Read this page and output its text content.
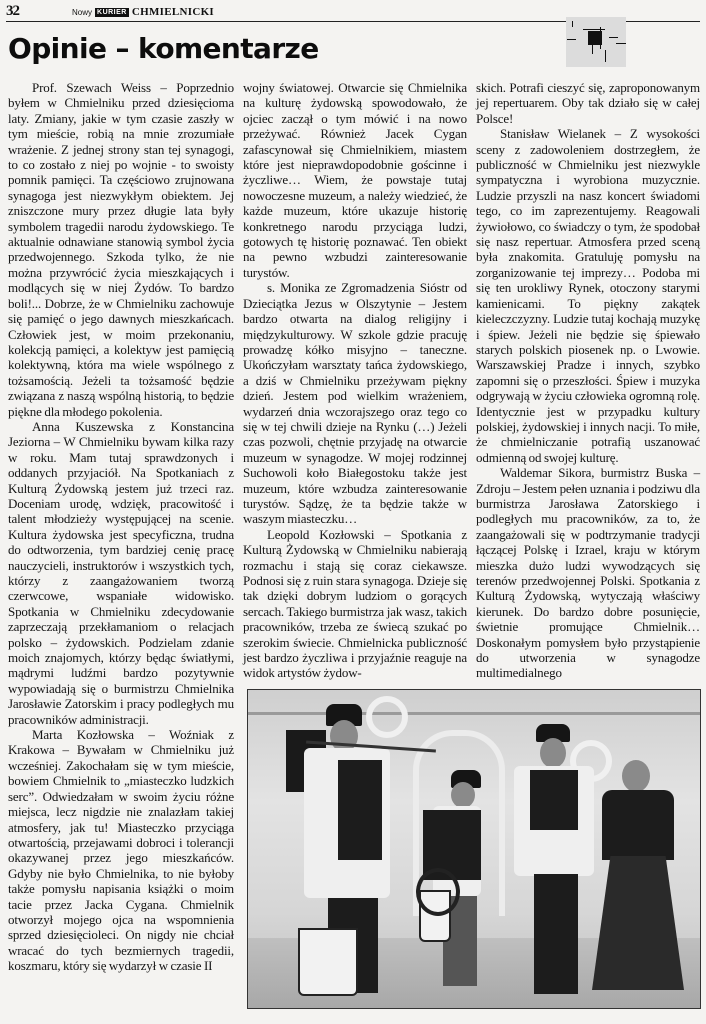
32	Nowy KURIER CHMIELNICKI
Opinie – komentarze

Prof. Szewach Weiss – Poprzednio byłem w Chmielniku przed dziesięcioma laty. Zmiany, jakie w tym czasie zaszły w tym mieście, robią na mnie zrozumiałe wrażenie. Z jednej strony stan tej synagogi, to co zostało z niej po wojnie - to swoisty pomnik pamięci. Ta częściowo zrujnowana synagoga jest niezwykłym obiektem. Jej zniszczone mury przez długie lata były symbolem tragedii narodu żydowskiego. Te aktualnie odnawiane stanowią symbol życia przedwojennego. Szkoda tylko, że nie można przywrócić życia mieszkających i modlących się w niej Żydów. To bardzo boli!... Dobrze, że w Chmielniku zachowuje się pamięć o jego dawnych mieszkańcach. Człowiek jest, w moim przekonaniu, kolekcją pamięci, a kolektyw jest pamięcią kolektywną, która ma wiele wspólnego z tożsamością. Jeżeli ta tożsamość będzie związana z naszą wspólną historią, to będzie piękne dla młodego pokolenia.

Anna Kuszewska z Konstancina Jeziorna – W Chmielniku bywam kilka razy w roku. Mam tutaj sprawdzonych i oddanych przyjaciół. Na Spotkaniach z Kulturą Żydowską jestem już trzeci raz. Doceniam urodę, wdzięk, pracowitość i talent młodzieży występującej na scenie. Kultura żydowska jest specyficzna, trudna do odtworzenia, tym bardziej cenię pracę nauczycieli, instruktorów i wszystkich tych, którzy z zaangażowaniem tworzą czerwcowe, wspaniałe widowisko. Spotkania w Chmielniku zdecydowanie zaprzeczają przekłamaniom o relacjach polsko – żydowskich. Podzielam zdanie moich znajomych, którzy będąc światłymi, mądrymi ludźmi bardzo pozytywnie wypowiadają się o burmistrzu Chmielnika Jarosławie Zatorskim i pracy podległych mu pracowników administracji.

Marta Kozłowska – Woźniak z Krakowa – Bywałam w Chmielniku już wcześniej. Zakochałam się w tym mieście, bowiem Chmielnik to „miasteczko ludzkich serc”. Odwiedzałam w swoim życiu różne miejsca, lecz nigdzie nie znalazłam takiej atmosfery, jak tu! Miasteczko przyciąga otwartością, przejawami dobroci i tolerancji okazywanej przez jego mieszkańców. Gdyby nie było Chmielnika, to nie byłoby także pomysłu napisania książki o moim tacie przez Jacka Cygana. Chmielnik otworzył mojego ojca na wspomnienia sprzed dziesięcioleci. On nigdy nie chciał wracać do tych bezmiernych tragedii, koszmaru, który się wydarzył w czasie II

wojny światowej. Otwarcie się Chmielnika na kulturę żydowską spowodowało, że ojciec zaczął o tym mówić i na nowo przeżywać. Również Jacek Cygan zafascynował się Chmielnikiem, miastem które jest nieprawdopodobnie gościnne i życzliwe… Wiem, że powstaje tutaj nowoczesne muzeum, a należy wiedzieć, że każde muzeum, które ukazuje historię konkretnego narodu przyciąga ludzi, gotowych tę historię poznawać. Ten obiekt na pewno wzbudzi zainteresowanie turystów.

s. Monika ze Zgromadzenia Sióstr od Dzieciątka Jezus w Olszytynie – Jestem bardzo otwarta na dialog religijny i międzykulturowy. W szkole gdzie pracuję prowadzę kółko misyjno – taneczne. Ukończyłam warsztaty tańca żydowskiego, a dziś w Chmielniku przeżywam piękny dzień. Jestem pod wielkim wrażeniem, wydarzeń dnia wczorajszego oraz tego co się w tej chwili dzieje na Rynku (…) Jeżeli czas pozwoli, chętnie przyjadę na otwarcie muzeum w synagodze. W mojej rodzinnej Suchowoli koło Białegostoku także jest muzeum, które wzbudza zainteresowanie turystów. Sądzę, że ta będzie także w waszym miasteczku…

Leopold Kozłowski – Spotkania z Kulturą Żydowską w Chmielniku nabierają rozmachu i stają się coraz ciekawsze. Podnosi się z ruin stara synagoga. Dzieje się tak dzięki dobrym ludziom o gorących sercach. Takiego burmistrza jak wasz, takich pracowników, trzeba ze świecą szukać po szerokim świecie. Chmielnicka publiczność jest bardzo życzliwa i przyjaźnie reaguje na widok artystów żydow-

skich. Potrafi cieszyć się, zaproponowanym jej repertuarem. Oby tak działo się w całej Polsce!

Stanisław Wielanek – Z wysokości sceny z zadowoleniem dostrzegłem, że publiczność w Chmielniku jest niezwykle sympatyczna i wyrobiona muzycznie. Ludzie przyszli na nasz koncert świadomi tego, co im zaprezentujemy. Reagowali żywiołowo, co świadczy o tym, że spodobał się nasz repertuar. Atmosfera przed sceną była znakomita. Gratuluję pomysłu na zorganizowanie tej imprezy… Podoba mi się ten urokliwy Rynek, otoczony starymi kamienicami. To piękny zakątek kieleczczyzny. Ludzie tutaj kochają muzykę i śpiew. Jeżeli nie będzie się śpiewało starych polskich piosenek np. o Lwowie. Warszawskiej Pradze i innych, szybko zapomni się o przeszłości. Śpiew i muzyka odgrywają w życiu człowieka ogromną rolę. Identycznie jest w przypadku kultury polskiej, żydowskiej i innych nacji. To miłe, że chmielniczanie potrafią uszanować odmienną od swojej kulturę.

Waldemar Sikora, burmistrz Buska – Zdroju – Jestem pełen uznania i podziwu dla burmistrza Jarosława Zatorskiego i podległych mu pracowników, za to, że zaangażowali się w podtrzymanie tradycji łączącej Polskę i Izrael, kraju w którym mieszka dużo ludzi wywodzących się terenów przedwojennej Polski. Spotkania z Kulturą Żydowską, wytyczają właściwy kierunek. Do bardzo dobre posunięcie, świetnie promujące Chmielnik… Doskonałym pomysłem było przystąpienie do utworzenia w synagodze multimedialnego
